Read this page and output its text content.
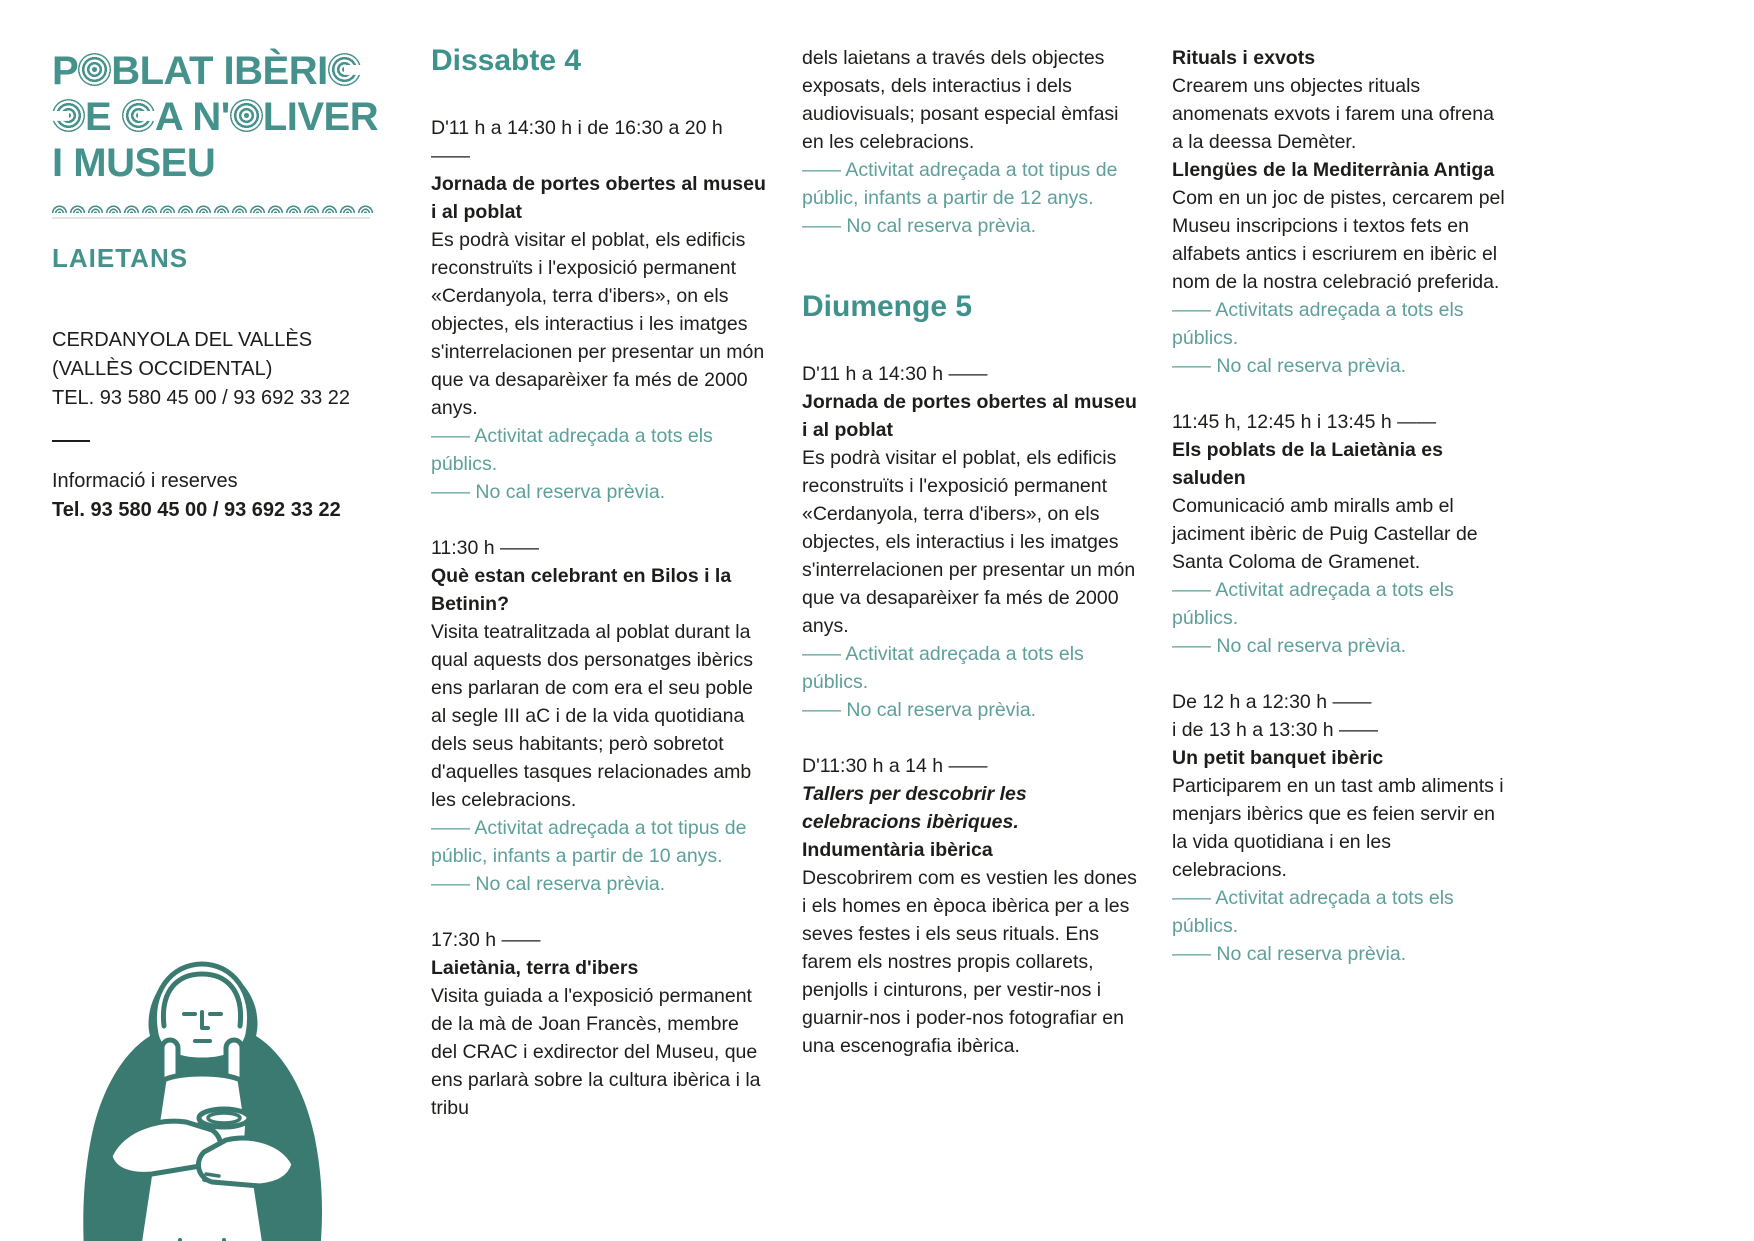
P BLAT IBÈRI
E A N' LIVER
I MUSEU

LAIETANS

CERDANYOLA DEL VALLÈS

(VALLÈS OCCIDENTAL)

TEL. 93 580 45 00 / 93 692 33 22

Informació i reserves

Tel. 93 580 45 00 / 93 692 33 22

Dissabte 4

D'11 h a 14:30 h i de 16:30 a 20 h ——

Jornada de portes obertes al museu i al poblat

Es podrà visitar el poblat, els edificis reconstruïts i l'exposició permanent «Cerdanyola, terra d'ibers», on els objectes, els interactius i les imatges s'interrelacionen per presentar un món que va desaparèixer fa més de 2000 anys.

—— Activitat adreçada a tots els públics.

—— No cal reserva prèvia.

11:30 h ——

Què estan celebrant en Bilos i la Betinin?

Visita teatralitzada al poblat durant la qual aquests dos personatges ibèrics ens parlaran de com era el seu poble al segle III aC i de la vida quotidiana dels seus habitants; però sobretot d'aquelles tasques relacionades amb les celebracions.

—— Activitat adreçada a tot tipus de públic, infants a partir de 10 anys.

—— No cal reserva prèvia.

17:30 h ——

Laietània, terra d'ibers

Visita guiada a l'exposició permanent de la mà de Joan Francès, membre del CRAC i exdirector del Museu, que ens parlarà sobre la cultura ibèrica i la tribu

dels laietans a través dels objectes exposats, dels interactius i dels audiovisuals; posant especial èmfasi en les celebracions.

—— Activitat adreçada a tot tipus de públic, infants a partir de 12 anys.

—— No cal reserva prèvia.

Diumenge 5

D'11 h a 14:30 h ——

Jornada de portes obertes al museu i al poblat

Es podrà visitar el poblat, els edificis reconstruïts i l'exposició permanent «Cerdanyola, terra d'ibers», on els objectes, els interactius i les imatges s'interrelacionen per presentar un món que va desaparèixer fa més de 2000 anys.

—— Activitat adreçada a tots els públics.

—— No cal reserva prèvia.

D'11:30 h a 14 h ——

Tallers per descobrir les celebracions ibèriques.

Indumentària ibèrica

Descobrirem com es vestien les dones i els homes en època ibèrica per a les seves festes i els seus rituals. Ens farem els nostres propis collarets, penjolls i cinturons, per vestir-nos i guarnir-nos i poder-nos fotografiar en una escenografia ibèrica.

Rituals i exvots

Crearem uns objectes rituals anomenats exvots i farem una ofrena a la deessa Demèter.

Llengües de la Mediterrània Antiga

Com en un joc de pistes, cercarem pel Museu inscripcions i textos fets en alfabets antics i escriurem en ibèric el nom de la nostra celebració preferida.

—— Activitats adreçada a tots els públics.

—— No cal reserva prèvia.

11:45 h, 12:45 h i 13:45 h ——

Els poblats de la Laietània es saluden

Comunicació amb miralls amb el jaciment ibèric de Puig Castellar de Santa Coloma de Gramenet.

—— Activitat adreçada a tots els públics.

—— No cal reserva prèvia.

De 12 h a 12:30 h ——

i de 13 h a 13:30 h ——

Un petit banquet ibèric

Participarem en un tast amb aliments i menjars ibèrics que es feien servir en la vida quotidiana i en les celebracions.

—— Activitat adreçada a tots els públics.

—— No cal reserva prèvia.
